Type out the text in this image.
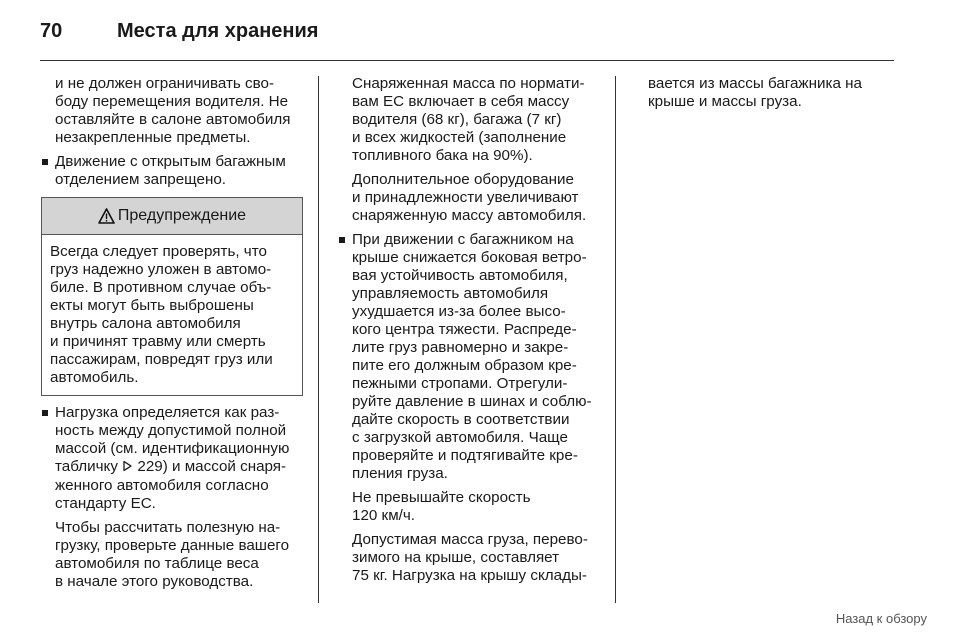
70	Места для хранения

и не должен ограничивать сво-
боду перемещения водителя. Не
оставляйте в салоне автомобиля
незакрепленные предметы.

Движение с открытым багажным
отделением запрещено.

Предупреждение
Всегда следует проверять, что
груз надежно уложен в автомо-
биле. В противном случае объ-
екты могут быть выброшены
внутрь салона автомобиля
и причинят травму или смерть
пассажирам, повредят груз или
автомобиль.

Нагрузка определяется как раз-
ность между допустимой полной
массой (см. идентификационную
табличку 229) и массой снаря-
женного автомобиля согласно
стандарту ЕС.

Чтобы рассчитать полезную на-
грузку, проверьте данные вашего
автомобиля по таблице веса
в начале этого руководства.

Снаряженная масса по нормати-
вам ЕС включает в себя массу
водителя (68 кг), багажа (7 кг)
и всех жидкостей (заполнение
топливного бака на 90%).

Дополнительное оборудование
и принадлежности увеличивают
снаряженную массу автомобиля.

При движении с багажником на
крыше снижается боковая ветро-
вая устойчивость автомобиля,
управляемость автомобиля
ухудшается из-за более высо-
кого центра тяжести. Распреде-
лите груз равномерно и закре-
пите его должным образом кре-
пежными стропами. Отрегули-
руйте давление в шинах и соблю-
дайте скорость в соответствии
с загрузкой автомобиля. Чаще
проверяйте и подтягивайте кре-
пления груза.

Не превышайте скорость
120 км/ч.

Допустимая масса груза, перево-
зимого на крыше, составляет
75 кг. Нагрузка на крышу склады-

вается из массы багажника на
крыше и массы груза.

Назад к обзору
